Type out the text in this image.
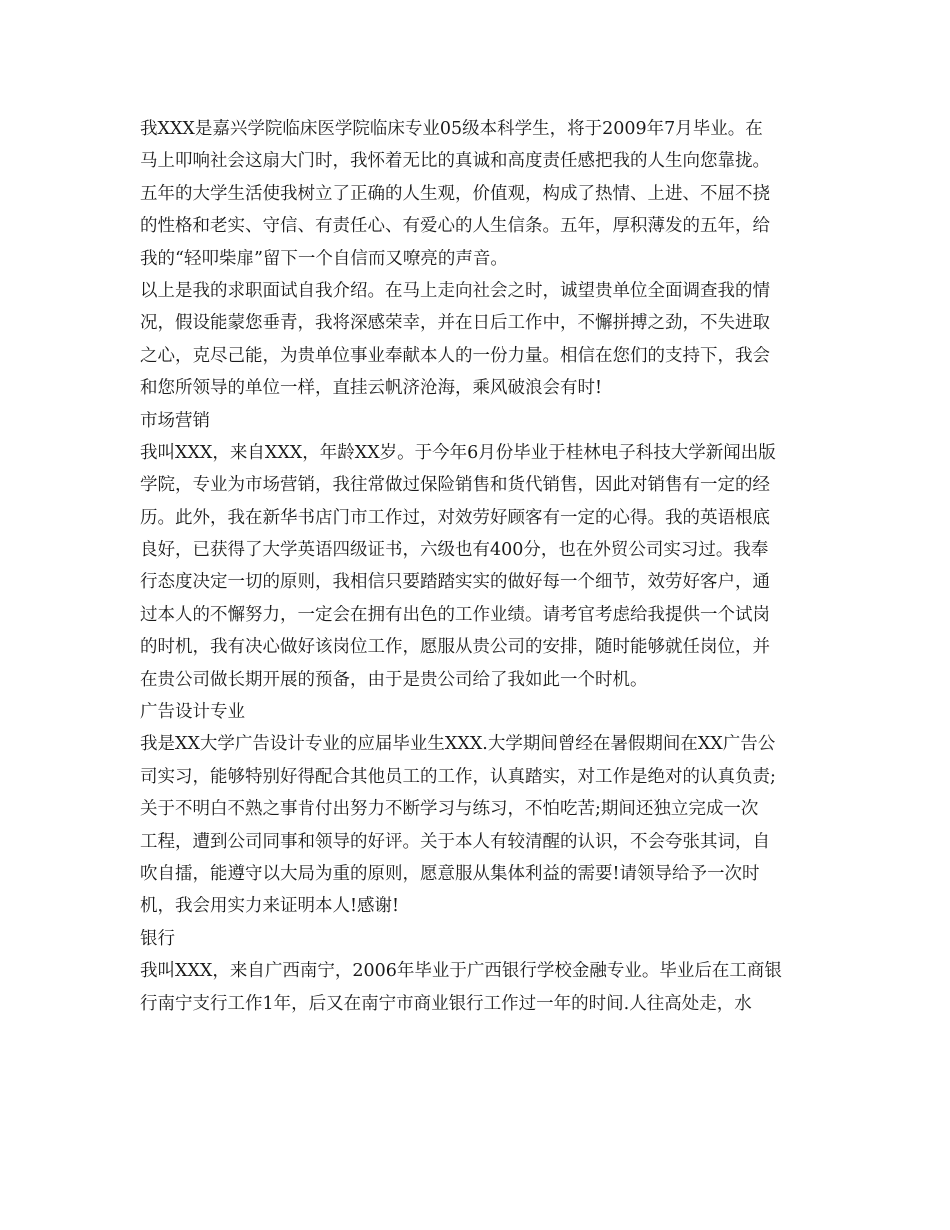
我XXX是嘉兴学院临床医学院临床专业05级本科学生，将于2009年7月毕业。在
马上叩响社会这扇大门时，我怀着无比的真诚和高度责任感把我的人生向您靠拢。
五年的大学生活使我树立了正确的人生观，价值观，构成了热情、上进、不屈不挠
的性格和老实、守信、有责任心、有爱心的人生信条。五年，厚积薄发的五年，给
我的“轻叩柴扉”留下一个自信而又嘹亮的声音。
以上是我的求职面试自我介绍。在马上走向社会之时，诚望贵单位全面调查我的情
况，假设能蒙您垂青，我将深感荣幸，并在日后工作中，不懈拼搏之劲，不失进取
之心，克尽己能，为贵单位事业奉献本人的一份力量。相信在您们的支持下，我会
和您所领导的单位一样，直挂云帆济沧海，乘风破浪会有时!
市场营销
我叫XXX，来自XXX，年龄XX岁。于今年6月份毕业于桂林电子科技大学新闻出版
学院，专业为市场营销，我往常做过保险销售和货代销售，因此对销售有一定的经
历。此外，我在新华书店门市工作过，对效劳好顾客有一定的心得。我的英语根底
良好，已获得了大学英语四级证书，六级也有400分，也在外贸公司实习过。我奉
行态度决定一切的原则，我相信只要踏踏实实的做好每一个细节，效劳好客户，通
过本人的不懈努力，一定会在拥有出色的工作业绩。请考官考虑给我提供一个试岗
的时机，我有决心做好该岗位工作，愿服从贵公司的安排，随时能够就任岗位，并
在贵公司做长期开展的预备，由于是贵公司给了我如此一个时机。
广告设计专业
我是XX大学广告设计专业的应届毕业生XXX.大学期间曾经在暑假期间在XX广告公
司实习，能够特别好得配合其他员工的工作，认真踏实，对工作是绝对的认真负责;
关于不明白不熟之事肯付出努力不断学习与练习，不怕吃苦;期间还独立完成一次
工程，遭到公司同事和领导的好评。关于本人有较清醒的认识，不会夸张其词，自
吹自擂，能遵守以大局为重的原则，愿意服从集体利益的需要!请领导给予一次时
机，我会用实力来证明本人!感谢!
银行
我叫XXX，来自广西南宁，2006年毕业于广西银行学校金融专业。毕业后在工商银
行南宁支行工作1年，后又在南宁市商业银行工作过一年的时间.人往高处走，水
